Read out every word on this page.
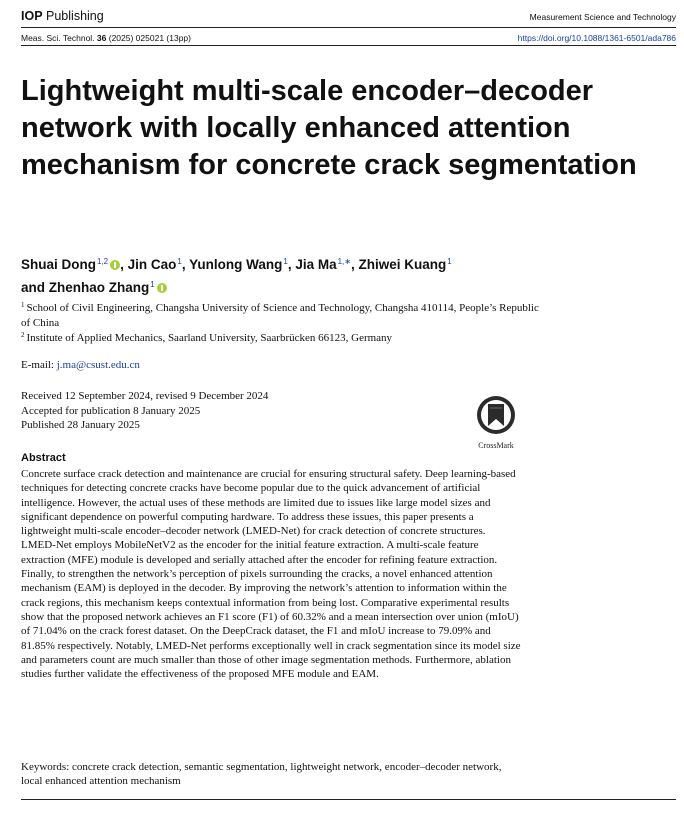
IOP Publishing	Measurement Science and Technology
Meas. Sci. Technol. 36 (2025) 025021 (13pp)	https://doi.org/10.1088/1361-6501/ada786
Lightweight multi-scale encoder–decoder network with locally enhanced attention mechanism for concrete crack segmentation
Shuai Dong$^{1,2}$ , Jin Cao$^1$, Yunlong Wang$^1$, Jia $Ma^{1,∗}$, Zhiwei Kuang$^1$
and Zhenhao Zhang$^1$
$^1$ School of Civil Engineering, Changsha University of Science and Technology, Changsha 410114, People’s Republic of China
$^2$ Institute of Applied Mechanics, Saarland University, Saarbrücken 66123, Germany
E-mail: j.ma@csust.edu.cn
Received 12 September 2024, revised 9 December 2024
Accepted for publication 8 January 2025
Published 28 January 2025
CrossMark
Abstract

Concrete surface crack detection and maintenance are crucial for ensuring structural safety. Deep learning-based techniques for detecting concrete cracks have become popular due to the quick advancement of artificial intelligence. However, the actual uses of these methods are limited due to issues like large model sizes and significant dependence on powerful computing hardware. To address these issues, this paper presents a lightweight multi-scale encoder–decoder network (LMED-Net) for crack detection of concrete structures. LMED-Net employs MobileNetV2 as the encoder for the initial feature extraction. A multi-scale feature extraction (MFE) module is developed and serially attached after the encoder for refining feature extraction. Finally, to strengthen the network’s perception of pixels surrounding the cracks, a novel enhanced attention mechanism (EAM) is deployed in the decoder. By improving the network’s attention to information within the crack regions, this mechanism keeps contextual information from being lost. Comparative experimental results show that the proposed network achieves an F1 score (F1) of 60.32% and a mean intersection over union (mIoU) of 71.04% on the crack forest dataset. On the DeepCrack dataset, the F1 and mIoU increase to 79.09% and 81.85% respectively. Notably, LMED-Net performs exceptionally well in crack segmentation since its model size and parameters count are much smaller than those of other image segmentation methods. Furthermore, ablation studies further validate the effectiveness of the proposed MFE module and EAM.

Keywords: concrete crack detection, semantic segmentation, lightweight network, encoder–decoder network, local enhanced attention mechanism
